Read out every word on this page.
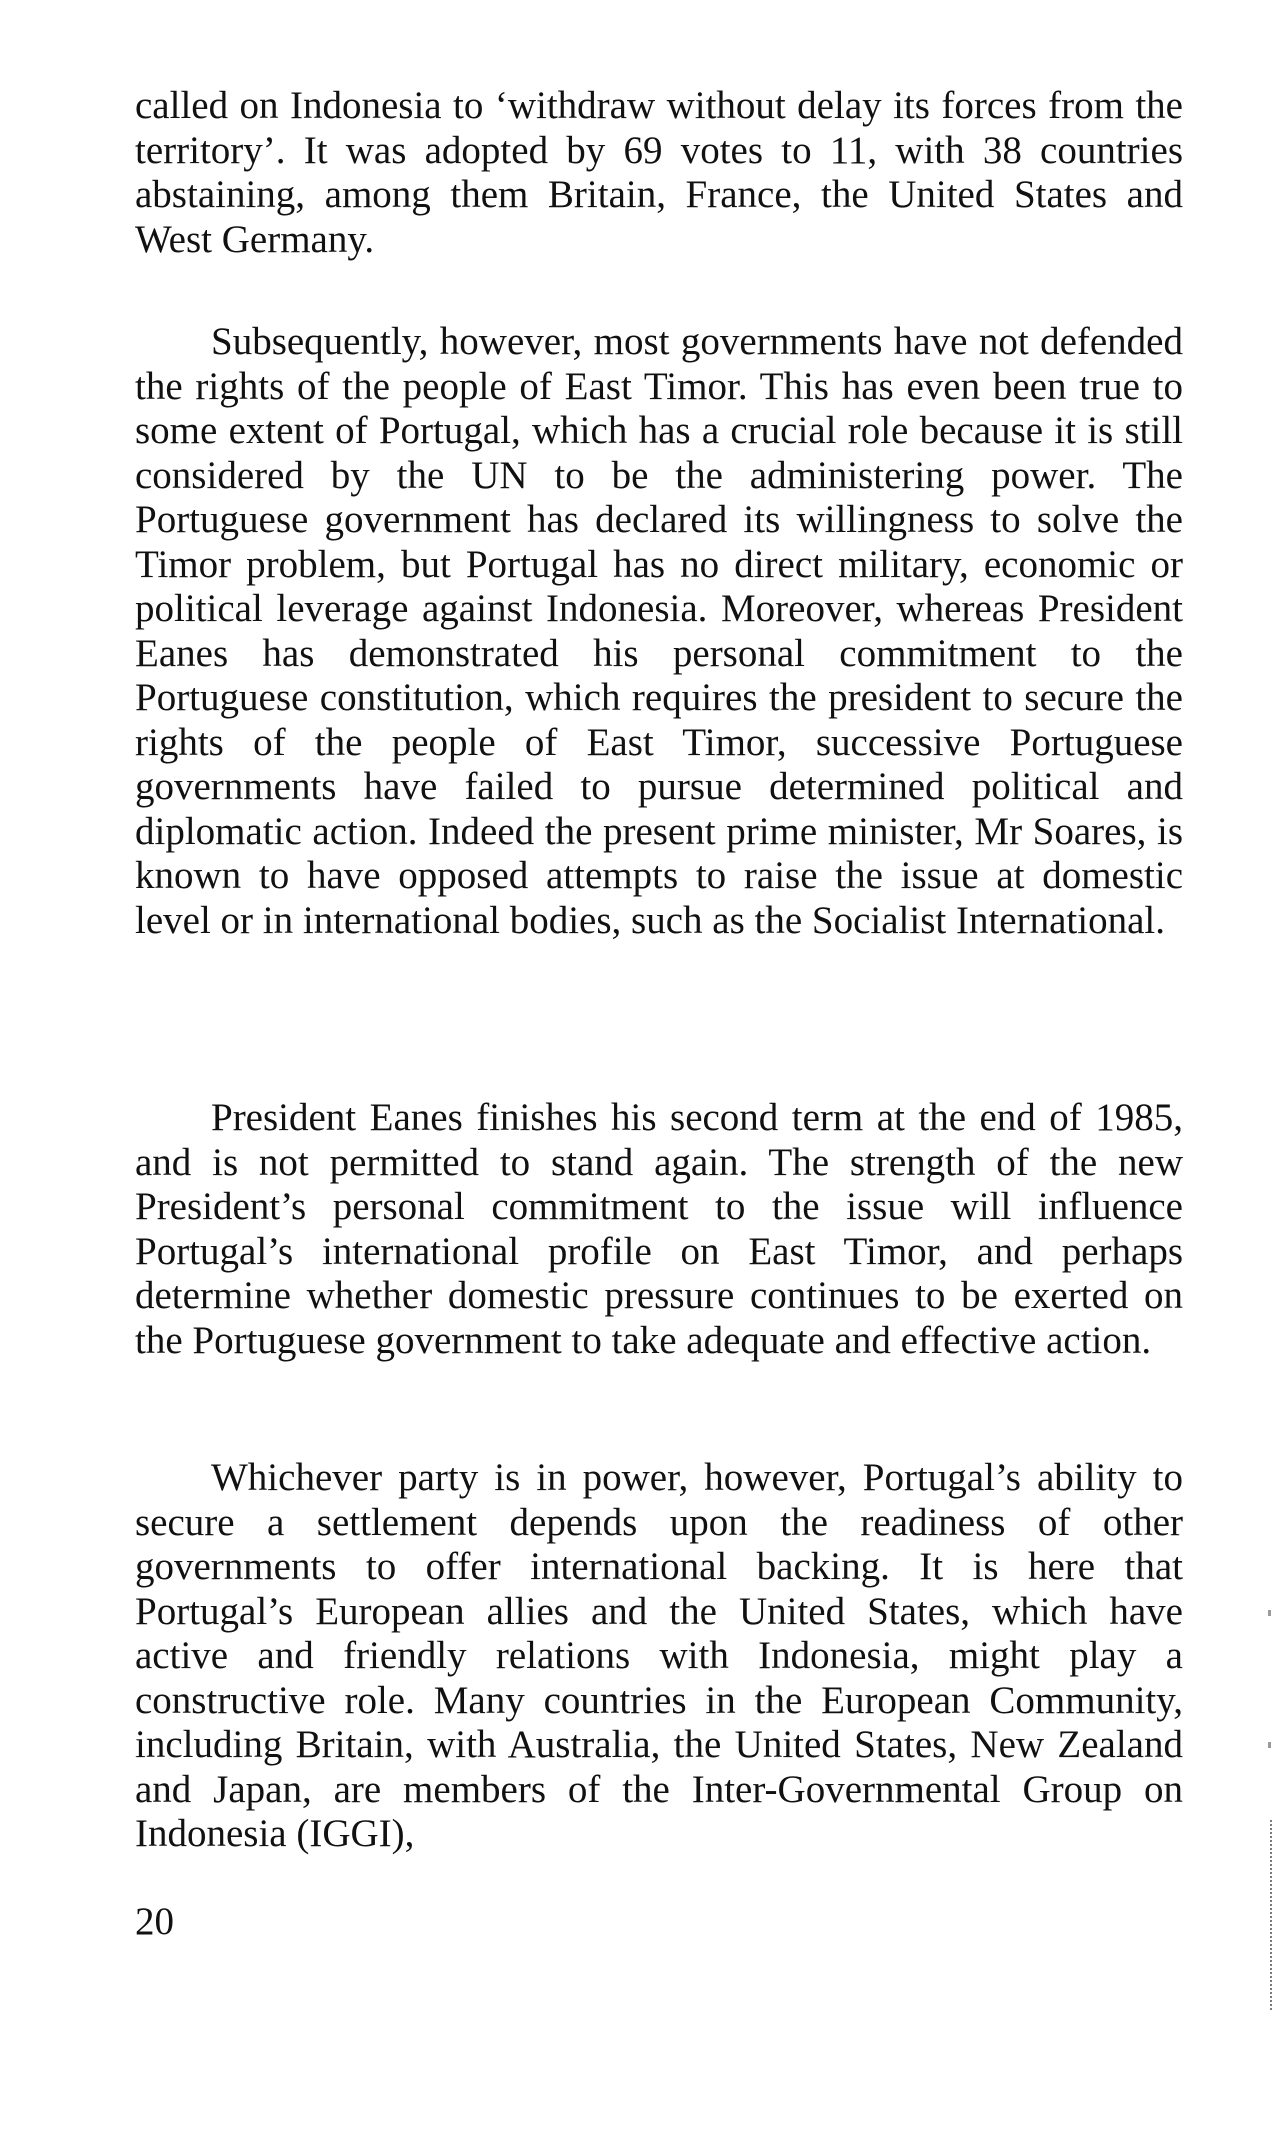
called on Indonesia to ‘withdraw without delay its forces from the territory’. It was adopted by 69 votes to 11, with 38 countries abstaining, among them Britain, France, the United States and West Germany.

Subsequently, however, most governments have not defended the rights of the people of East Timor. This has even been true to some extent of Portugal, which has a crucial role because it is still considered by the UN to be the administering power. The Portuguese government has declared its willingness to solve the Timor problem, but Portugal has no direct military, economic or political leverage against Indonesia. Moreover, whereas President Eanes has demonstrated his personal commitment to the Portuguese constitution, which requires the president to secure the rights of the people of East Timor, successive Portuguese governments have failed to pursue determined political and diplomatic action. Indeed the present prime minister, Mr Soares, is known to have opposed attempts to raise the issue at domestic level or in international bodies, such as the Socialist International.

President Eanes finishes his second term at the end of 1985, and is not permitted to stand again. The strength of the new President’s personal commitment to the issue will influence Portugal’s international profile on East Timor, and perhaps determine whether domestic pressure continues to be exerted on the Portuguese government to take adequate and effective action.

Whichever party is in power, however, Portugal’s ability to secure a settlement depends upon the readiness of other governments to offer international backing. It is here that Portugal’s European allies and the United States, which have active and friendly relations with Indonesia, might play a constructive role. Many countries in the European Community, including Britain, with Australia, the United States, New Zealand and Japan, are members of the Inter-Governmental Group on Indonesia (IGGI),

20
